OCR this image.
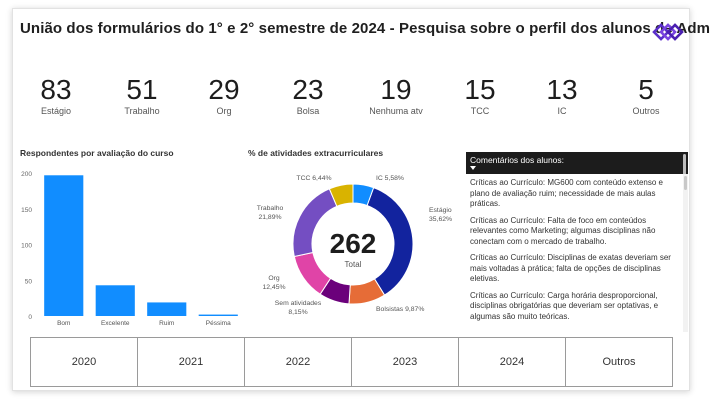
União dos formulários do 1° e 2° semestre de 2024 - Pesquisa sobre o perfil dos alunos de Adm
83
Estágio
51
Trabalho
29
Org
23
Bolsa
19
Nenhuma atv
15
TCC
13
IC
5
Outros
Respondentes por avaliação do curso	% de atividades extracurriculares
0
50
100
150
200
Bom	Excelente	Ruim	Péssima
Estágio
35,62%
Bolsistas 9,87%
Sem atividades
8,15%
Org
12,45%
Trabalho
21,89%
TCC 6,44%	IC 5,58%
262
Total
Comentários dos alunos:
Críticas ao Currículo: MG600 com conteúdo extenso e plano de avaliação ruim; necessidade de mais aulas práticas.
Críticas ao Currículo: Falta de foco em conteúdos relevantes como Marketing; algumas disciplinas não conectam com o mercado de trabalho.
Críticas ao Currículo: Disciplinas de exatas deveriam ser mais voltadas à prática; falta de opções de disciplinas eletivas.
Críticas ao Currículo: Carga horária desproporcional, disciplinas obrigatórias que deveriam ser optativas, e algumas são muito teóricas.
2020	2021	2022	2023	2024	Outros
